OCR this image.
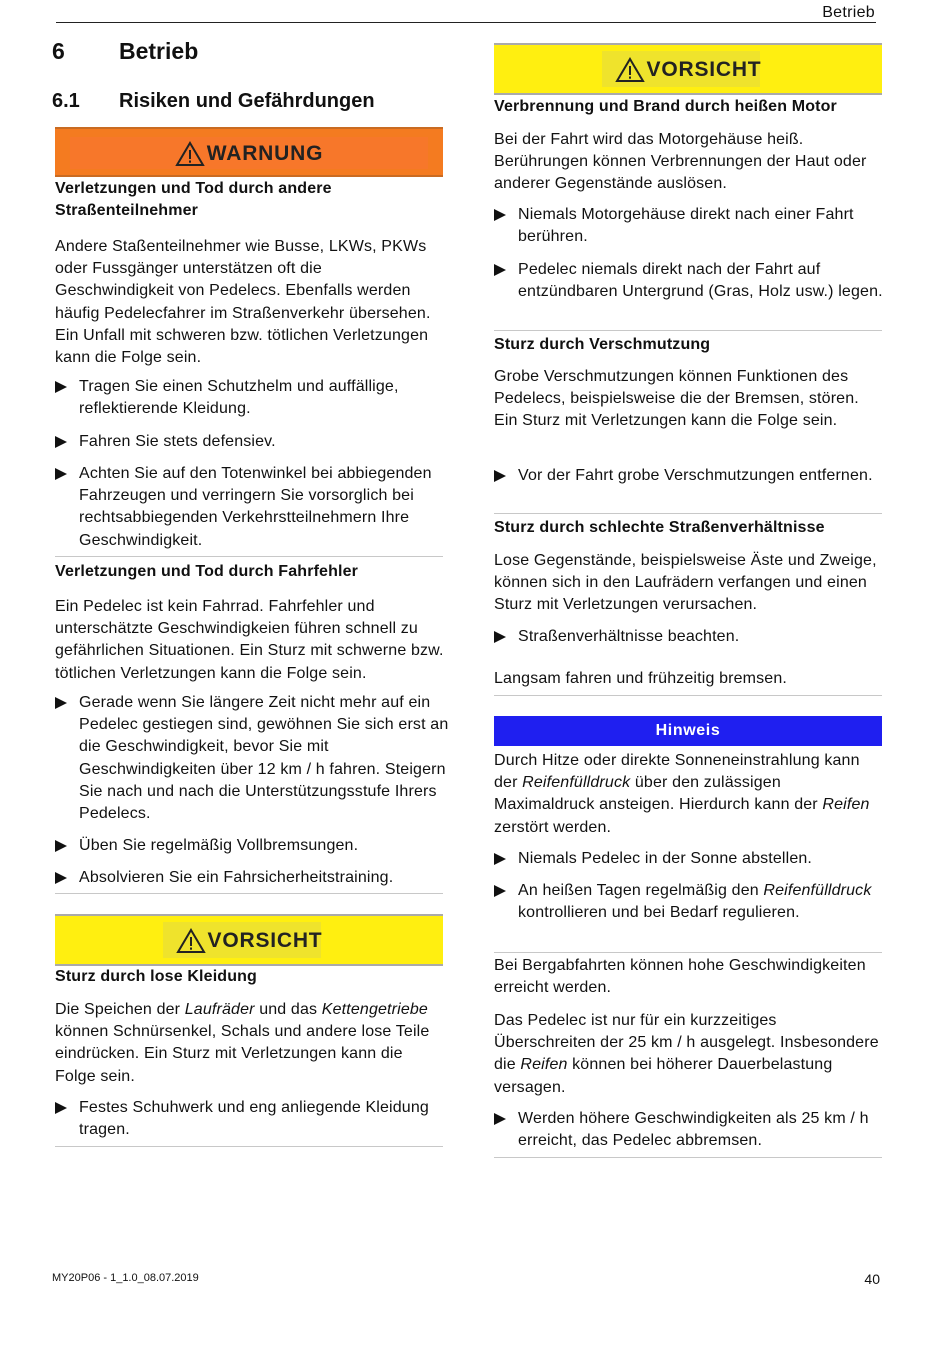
Betrieb
6 Betrieb
6.1 Risiken und Gefährdungen
WARNUNG
Verletzungen und Tod durch andere Straßenteilnehmer
Andere Staßenteilnehmer wie Busse, LKWs, PKWs oder Fussgänger unterstätzen oft die Geschwindigkeit von Pedelecs. Ebenfalls werden häufig Pedelecfahrer im Straßenverkehr übersehen. Ein Unfall mit schweren bzw. tötlichen Verletzungen kann die Folge sein.
Tragen Sie einen Schutzhelm und auffällige, reflektierende Kleidung.
Fahren Sie stets defensiev.
Achten Sie auf den Totenwinkel bei abbiegenden Fahrzeugen und verringern Sie vorsorglich bei rechtsabbiegenden Verkehrstteilnehmern Ihre Geschwindigkeit.
Verletzungen und Tod durch Fahrfehler
Ein Pedelec ist kein Fahrrad. Fahrfehler und unterschätzte Geschwindigkeien führen schnell zu gefährlichen Situationen. Ein Sturz mit schwerne bzw. tötlichen Verletzungen kann die Folge sein.
Gerade wenn Sie längere Zeit nicht mehr auf ein Pedelec gestiegen sind, gewöhnen Sie sich erst an die Geschwindigkeit, bevor Sie mit Geschwindigkeiten über 12 km / h fahren. Steigern Sie nach und nach die Unterstützungsstufe Ihrers Pedelecs.
Üben Sie regelmäßig Vollbremsungen.
Absolvieren Sie ein Fahrsicherheitstraining.
VORSICHT
Sturz durch lose Kleidung
Die Speichen der Laufräder und das Kettengetriebe können Schnürsenkel, Schals und andere lose Teile eindrücken. Ein Sturz mit Verletzungen kann die Folge sein.
Festes Schuhwerk und eng anliegende Kleidung tragen.
VORSICHT
Verbrennung und Brand durch heißen Motor
Bei der Fahrt wird das Motorgehäuse heiß. Berührungen können Verbrennungen der Haut oder anderer Gegenstände auslösen.
Niemals Motorgehäuse direkt nach einer Fahrt berühren.
Pedelec niemals direkt nach der Fahrt auf entzündbaren Untergrund (Gras, Holz usw.) legen.
Sturz durch Verschmutzung
Grobe Verschmutzungen können Funktionen des Pedelecs, beispielsweise die der Bremsen, stören. Ein Sturz mit Verletzungen kann die Folge sein.
Vor der Fahrt grobe Verschmutzungen entfernen.
Sturz durch schlechte Straßenverhältnisse
Lose Gegenstände, beispielsweise Äste und Zweige, können sich in den Laufrädern verfangen und einen Sturz mit Verletzungen verursachen.
Straßenverhältnisse beachten.
Langsam fahren und frühzeitig bremsen.
Hinweis
Durch Hitze oder direkte Sonneneinstrahlung kann der Reifenfülldruck über den zulässigen Maximaldruck ansteigen. Hierdurch kann der Reifen zerstört werden.
Niemals Pedelec in der Sonne abstellen.
An heißen Tagen regelmäßig den Reifenfülldruck kontrollieren und bei Bedarf regulieren.
Bei Bergabfahrten können hohe Geschwindigkeiten erreicht werden.
Das Pedelec ist nur für ein kurzzeitiges Überschreiten der 25 km / h ausgelegt. Insbesondere die Reifen können bei höherer Dauerbelastung versagen.
Werden höhere Geschwindigkeiten als 25 km / h erreicht, das Pedelec abbremsen.
MY20P06 - 1_1.0_08.07.2019	40
